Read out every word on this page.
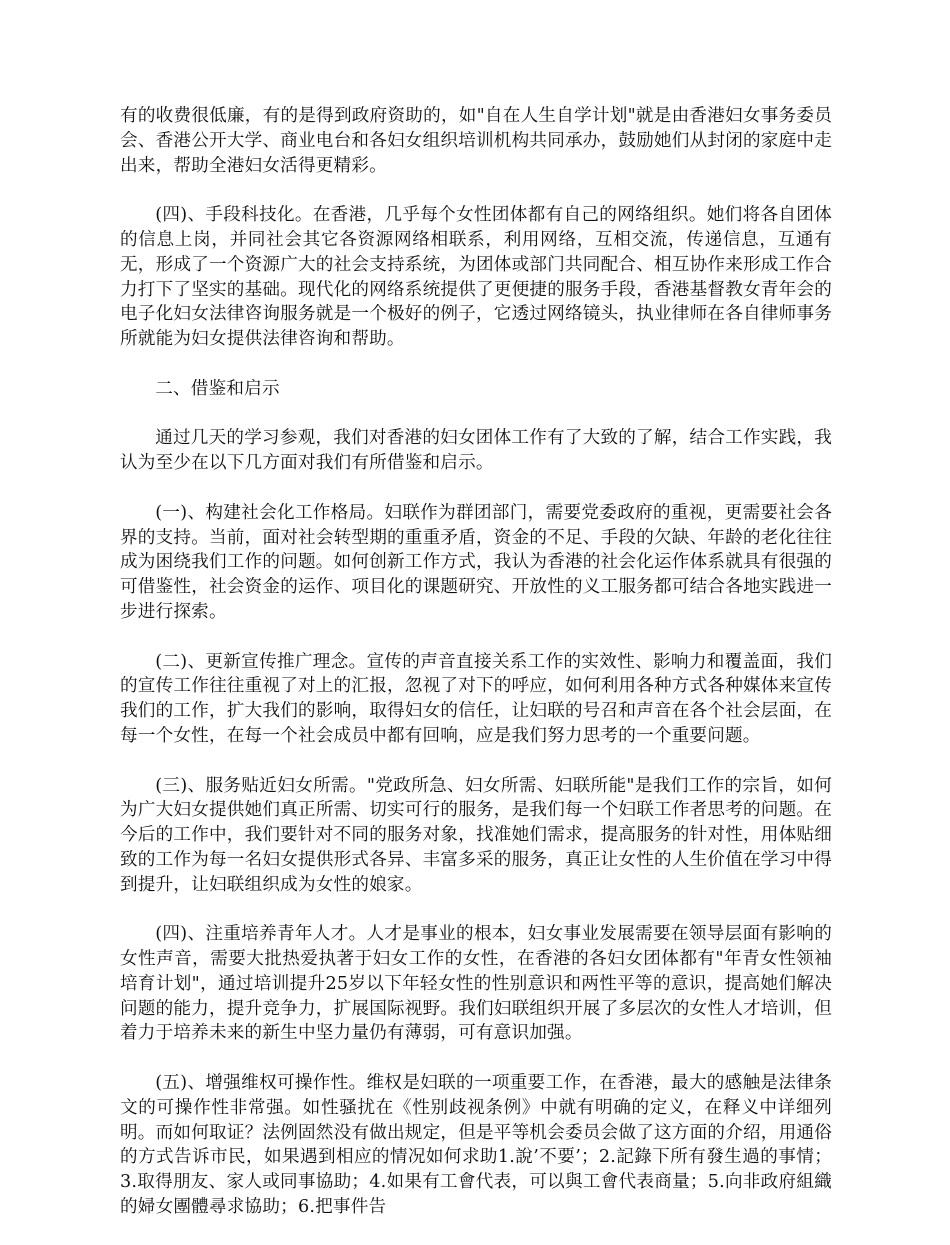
有的收费很低廉，有的是得到政府资助的，如"自在人生自学计划"就是由香港妇女事务委员会、香港公开大学、商业电台和各妇女组织培训机构共同承办，鼓励她们从封闭的家庭中走出来，帮助全港妇女活得更精彩。

(四)、手段科技化。在香港，几乎每个女性团体都有自己的网络组织。她们将各自团体的信息上岗，并同社会其它各资源网络相联系，利用网络，互相交流，传递信息，互通有无，形成了一个资源广大的社会支持系统，为团体或部门共同配合、相互协作来形成工作合力打下了坚实的基础。现代化的网络系统提供了更便捷的服务手段，香港基督教女青年会的电子化妇女法律咨询服务就是一个极好的例子，它透过网络镜头，执业律师在各自律师事务所就能为妇女提供法律咨询和帮助。

二、借鉴和启示

通过几天的学习参观，我们对香港的妇女团体工作有了大致的了解，结合工作实践，我认为至少在以下几方面对我们有所借鉴和启示。

(一)、构建社会化工作格局。妇联作为群团部门，需要党委政府的重视，更需要社会各界的支持。当前，面对社会转型期的重重矛盾，资金的不足、手段的欠缺、年龄的老化往往成为困绕我们工作的问题。如何创新工作方式，我认为香港的社会化运作体系就具有很强的可借鉴性，社会资金的运作、项目化的课题研究、开放性的义工服务都可结合各地实践进一步进行探索。

(二)、更新宣传推广理念。宣传的声音直接关系工作的实效性、影响力和覆盖面，我们的宣传工作往往重视了对上的汇报，忽视了对下的呼应，如何利用各种方式各种媒体来宣传我们的工作，扩大我们的影响，取得妇女的信任，让妇联的号召和声音在各个社会层面，在每一个女性，在每一个社会成员中都有回响，应是我们努力思考的一个重要问题。

(三)、服务贴近妇女所需。"党政所急、妇女所需、妇联所能"是我们工作的宗旨，如何为广大妇女提供她们真正所需、切实可行的服务，是我们每一个妇联工作者思考的问题。在今后的工作中，我们要针对不同的服务对象，找准她们需求，提高服务的针对性，用体贴细致的工作为每一名妇女提供形式各异、丰富多采的服务，真正让女性的人生价值在学习中得到提升，让妇联组织成为女性的娘家。

(四)、注重培养青年人才。人才是事业的根本，妇女事业发展需要在领导层面有影响的女性声音，需要大批热爱执著于妇女工作的女性，在香港的各妇女团体都有"年青女性领袖培育计划"，通过培训提升25岁以下年轻女性的性别意识和两性平等的意识，提高她们解决问题的能力，提升竞争力，扩展国际视野。我们妇联组织开展了多层次的女性人才培训，但着力于培养未来的新生中坚力量仍有薄弱，可有意识加强。

(五)、增强维权可操作性。维权是妇联的一项重要工作，在香港，最大的感触是法律条文的可操作性非常强。如性骚扰在《性别歧视条例》中就有明确的定义，在释义中详细列明。而如何取证？法例固然没有做出规定，但是平等机会委员会做了这方面的介绍，用通俗的方式告诉市民，如果遇到相应的情况如何求助1.說’不要’；2.記錄下所有發生過的事情；3.取得朋友、家人或同事協助；4.如果有工會代表，可以與工會代表商量；5.向非政府組織的婦女團體尋求協助；6.把事件告
